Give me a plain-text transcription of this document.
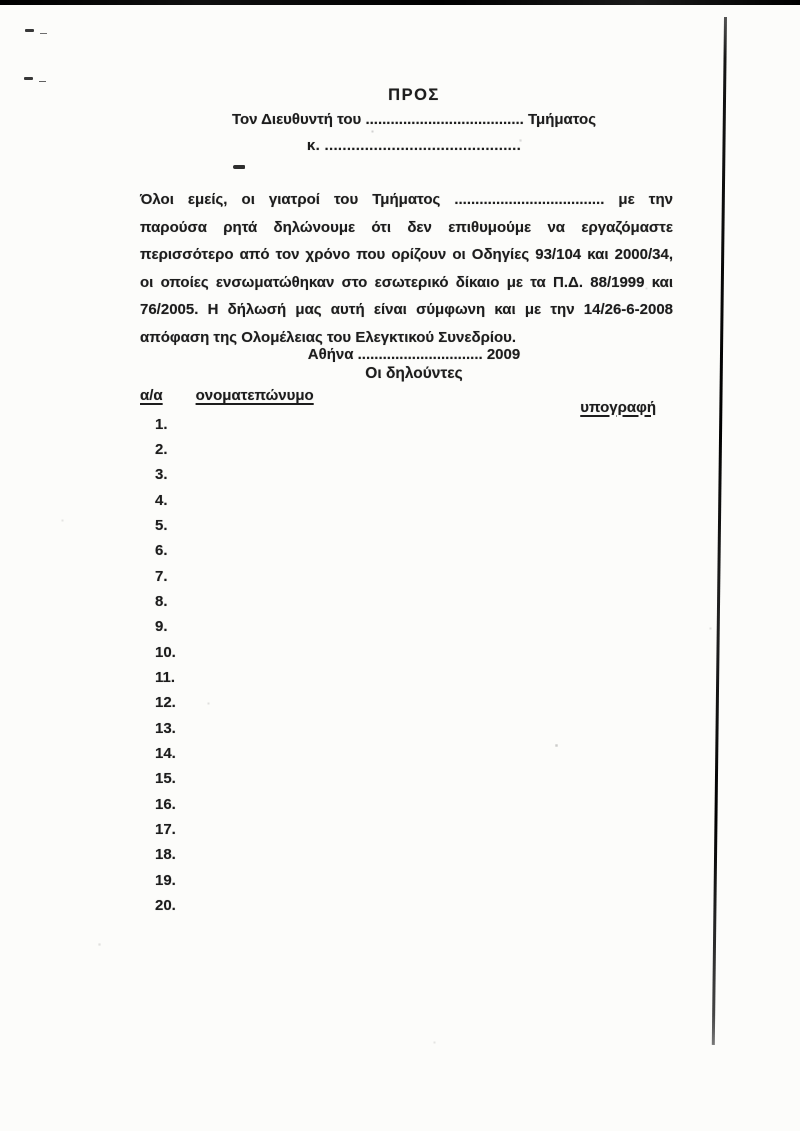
ΠΡΟΣ
Τον Διευθυντή του ...................................... Τμήματος
κ. ............................................
Όλοι εμείς, οι γιατροί του Τμήματος .................................... με την
παρούσα ρητά δηλώνουμε ότι δεν επιθυμούμε να εργαζόμαστε
περισσότερο από τον χρόνο που ορίζουν οι Οδηγίες 93/104 και 2000/34,
οι οποίες ενσωματώθηκαν στο εσωτερικό δίκαιο με τα Π.Δ. 88/1999 και
76/2005. Η δήλωσή μας αυτή είναι σύμφωνη και με την 14/26-6-2008
απόφαση της Ολομέλειας του Ελεγκτικού Συνεδρίου.
Αθήνα .............................. 2009
Οι δηλούντες
α/α ονοματεπώνυμο
υπογραφή
1.
2.
3.
4.
5.
6.
7.
8.
9.
10.
11.
12.
13.
14.
15.
16.
17.
18.
19.
20.
